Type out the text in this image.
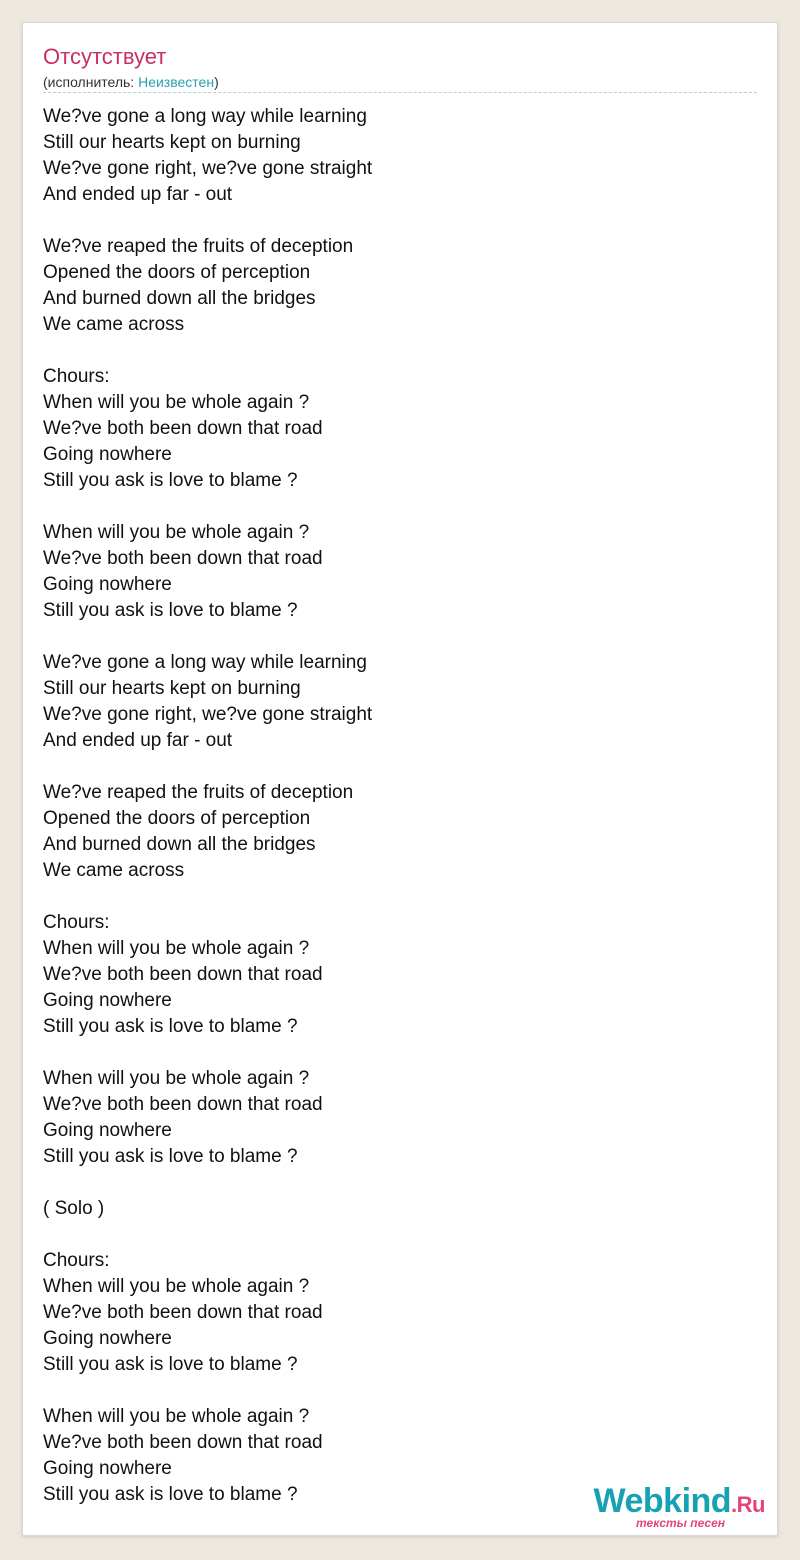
Отсутствует
(исполнитель: Неизвестен)
We?ve gone a long way while learning
Still our hearts kept on burning
We?ve gone right, we?ve gone straight
And ended up far - out
We?ve reaped the fruits of deception
Opened the doors of perception
And burned down all the bridges
We came across
Chours:
When will you be whole again ?
We?ve both been down that road
Going nowhere
Still you ask is love to blame ?
When will you be whole again ?
We?ve both been down that road
Going nowhere
Still you ask is love to blame ?
We?ve gone a long way while learning
Still our hearts kept on burning
We?ve gone right, we?ve gone straight
And ended up far - out
We?ve reaped the fruits of deception
Opened the doors of perception
And burned down all the bridges
We came across
Chours:
When will you be whole again ?
We?ve both been down that road
Going nowhere
Still you ask is love to blame ?
When will you be whole again ?
We?ve both been down that road
Going nowhere
Still you ask is love to blame ?
( Solo )
Chours:
When will you be whole again ?
We?ve both been down that road
Going nowhere
Still you ask is love to blame ?
When will you be whole again ?
We?ve both been down that road
Going nowhere
Still you ask is love to blame ?	Webkind.Ru
тексты песен
